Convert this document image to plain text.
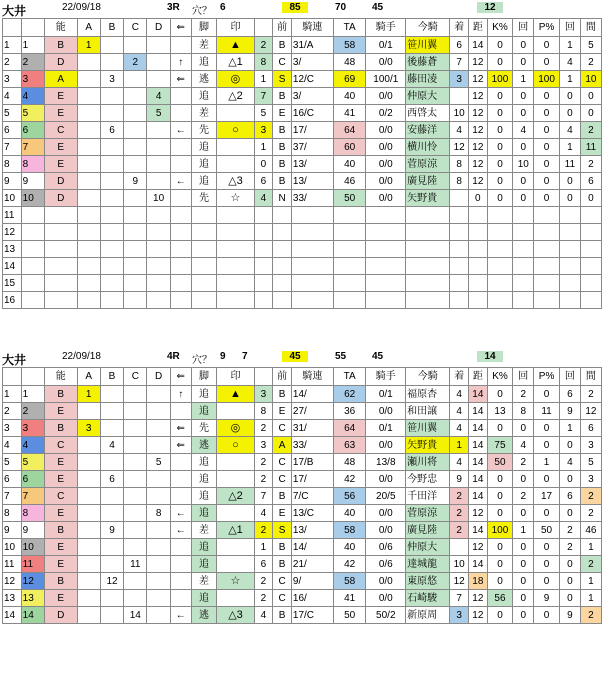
大井	22/09/18	3R 穴？ 6	85	70	45	12
		能	A	B	C	D	⇐	脚	印		前	騎連	TA	騎手	今騎	着	距	K%	回	P%	回	間
1	1	B	1					差	▲	2	B	31/A	58	0/1	笹川翼	6	14	0	0	0	1	5
2	2	D			2		↑	追	△1	8	C	3/	48	0/0	後藤蒼	7	12	0	0	0	4	2
3	3	A		3			⇐	逃	◎	1	S	12/C	69	100/1	藤田凌	3	12	100	1	100	1	10
4	4	E				4		追	△2	7	B	3/	40	0/0	仲原大		12	0	0	0	0	0
5	5	E				5		差		5	E	16/C	41	0/2	西啓太	10	12	0	0	0	0	0
6	6	C		6			←	先	○	3	B	17/	64	0/0	安藤洋	4	12	0	4	0	4	2
7	7	E						追		1	B	37/	60	0/0	横川怜	12	12	0	0	0	1	11
8	8	E						追		0	B	13/	40	0/0	菅原涼	8	12	0	10	0	11	2
9	9	D			9		←	追	△3	6	B	13/	46	0/0	廣見陸	8	12	0	0	0	0	6
10	10	D				10		先	☆	4	N	33/	50	0/0	矢野貴		0	0	0	0	0	0
11																						
12																						
13																						
14																						
15																						
16																						
大井	22/09/18	4R 穴？ 9 7	45	55	45	14
		能	A	B	C	D	⇐	脚	印		前	騎連	TA	騎手	今騎	着	距	K%	回	P%	回	間
1	1	B	1				↑	追	▲	3	B	14/	62	0/1	福原杏	4	14	0	2	0	6	2
2	2	E						追		8	E	27/	36	0/0	和田譲	4	14	13	8	11	9	12
3	3	B	3				⇐	先	◎	2	C	31/	64	0/1	笹川翼	4	14	0	0	0	1	6
4	4	C		4			⇐	逃	○	3	A	33/	63	0/0	矢野貴	1	14	75	4	0	0	3
5	5	E				5		追		2	C	17/B	48	13/8	瀬川将	4	14	50	2	1	4	5
6	6	E		6				追		2	C	17/	42	0/0	今野忠	9	14	0	0	0	0	3
7	7	C						追	△2	7	B	7/C	56	20/5	千田洋	2	14	0	2	17	6	2
8	8	E				8	←	追		4	E	13/C	40	0/0	菅原涼	2	12	0	0	0	0	2
9	9	B		9			←	差	△1	2	S	13/	58	0/0	廣見陸	2	14	100	1	50	2	46
10	10	E						追		1	B	14/	40	0/6	仲原大		12	0	0	0	2	1
11	11	E			11			追		6	B	21/	42	0/6	達城龍	10	14	0	0	0	0	2
12	12	B		12				差	☆	2	C	9/	58	0/0	東原悠	12	18	0	0	0	0	1
13	13	E						追		2	C	16/	41	0/0	石崎駿	7	12	56	0	9	0	1
14	14	D			14		←	逃	△3	4	B	17/C	50	50/2	新原周	3	12	0	0	0	9	2
